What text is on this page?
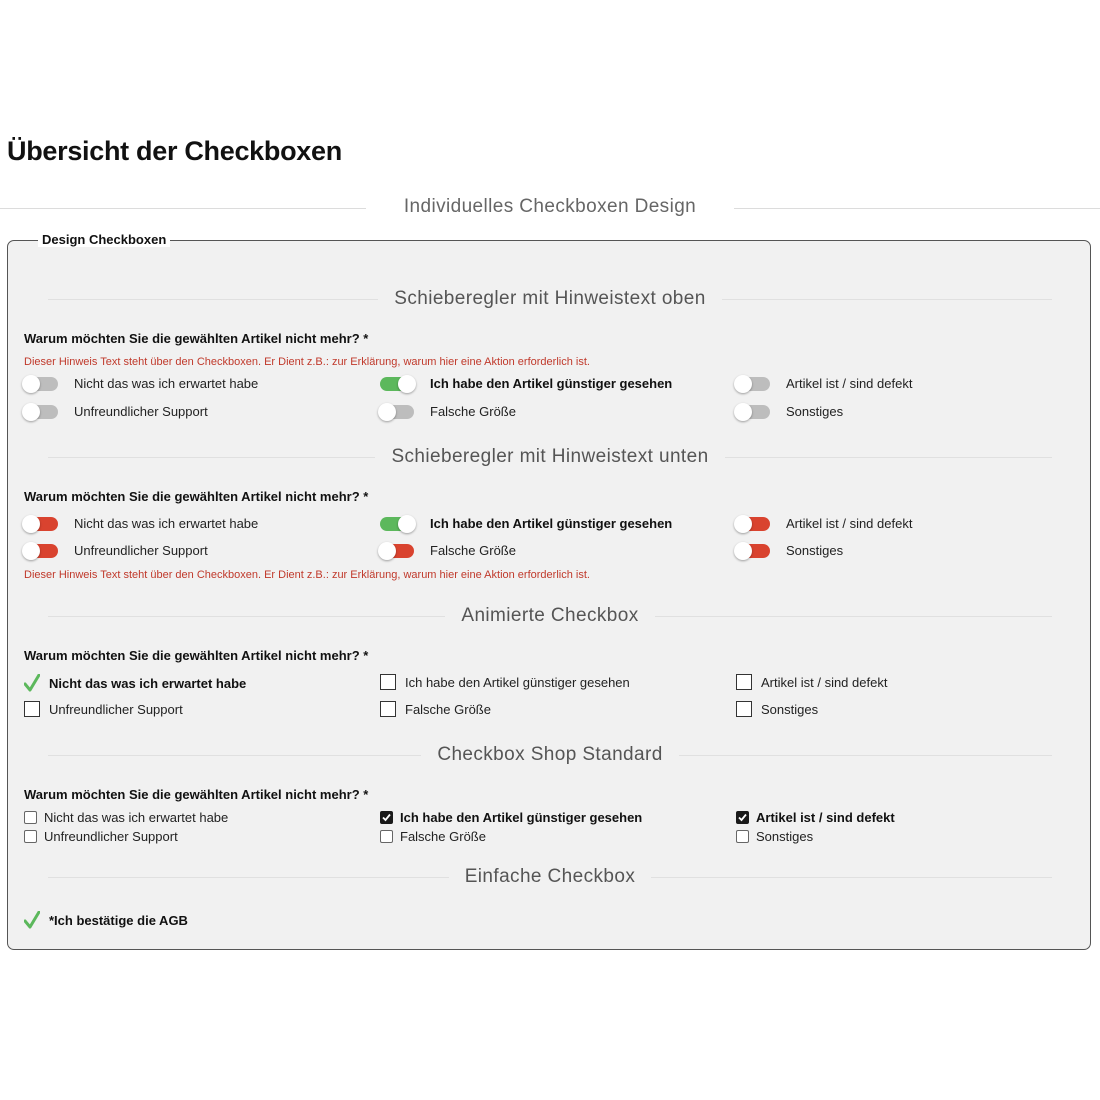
Übersicht der Checkboxen
Individuelles Checkboxen Design
Design Checkboxen
Schieberegler mit Hinweistext oben
Warum möchten Sie die gewählten Artikel nicht mehr? *
Dieser Hinweis Text steht über den Checkboxen. Er Dient z.B.: zur Erklärung, warum hier eine Aktion erforderlich ist.
Nicht das was ich erwartet habe	Ich habe den Artikel günstiger gesehen	Artikel ist / sind defekt
Unfreundlicher Support	Falsche Größe	Sonstiges
Schieberegler mit Hinweistext unten
Warum möchten Sie die gewählten Artikel nicht mehr? *
Nicht das was ich erwartet habe	Ich habe den Artikel günstiger gesehen	Artikel ist / sind defekt
Unfreundlicher Support	Falsche Größe	Sonstiges
Dieser Hinweis Text steht über den Checkboxen. Er Dient z.B.: zur Erklärung, warum hier eine Aktion erforderlich ist.
Animierte Checkbox
Warum möchten Sie die gewählten Artikel nicht mehr? *
Nicht das was ich erwartet habe	Ich habe den Artikel günstiger gesehen	Artikel ist / sind defekt
Unfreundlicher Support	Falsche Größe	Sonstiges
Checkbox Shop Standard
Warum möchten Sie die gewählten Artikel nicht mehr? *
Nicht das was ich erwartet habe	Ich habe den Artikel günstiger gesehen	Artikel ist / sind defekt
Unfreundlicher Support	Falsche Größe	Sonstiges
Einfache Checkbox
*Ich bestätige die AGB
